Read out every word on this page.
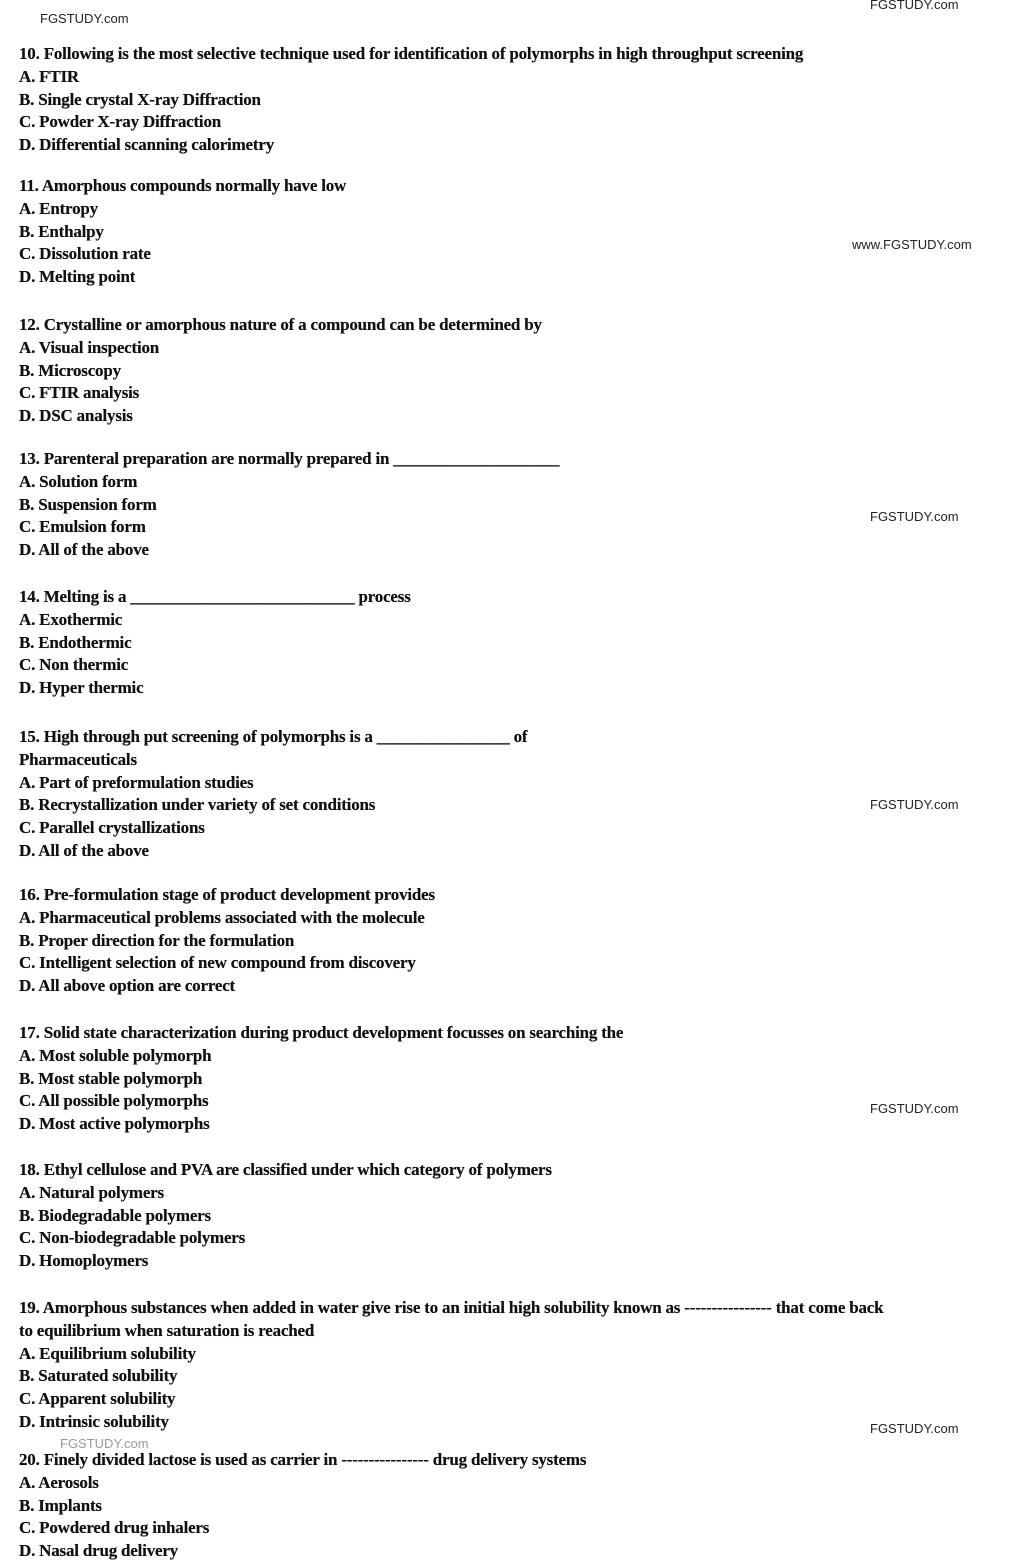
FGSTUDY.com
FGSTUDY.com
www.FGSTUDY.com
FGSTUDY.com
FGSTUDY.com
FGSTUDY.com
FGSTUDY.com
FGSTUDY.com
10. Following is the most selective technique used for identification of polymorphs in high throughput screening
A. FTIR
B. Single crystal X-ray Diffraction
C. Powder X-ray Diffraction
D. Differential scanning calorimetry
11. Amorphous compounds normally have low
A. Entropy
B. Enthalpy
C. Dissolution rate
D. Melting point
12. Crystalline or amorphous nature of a compound can be determined by
A. Visual inspection
B. Microscopy
C. FTIR analysis
D. DSC analysis
13. Parenteral preparation are normally prepared in ____________________
A. Solution form
B. Suspension form
C. Emulsion form
D. All of the above
14. Melting is a ___________________________ process
A. Exothermic
B. Endothermic
C. Non thermic
D. Hyper thermic
15. High through put screening of polymorphs is a ________________ of
Pharmaceuticals
A. Part of preformulation studies
B. Recrystallization under variety of set conditions
C. Parallel crystallizations
D. All of the above
16. Pre-formulation stage of product development provides
A. Pharmaceutical problems associated with the molecule
B. Proper direction for the formulation
C. Intelligent selection of new compound from discovery
D. All above option are correct
17. Solid state characterization during product development focusses on searching the
A. Most soluble polymorph
B. Most stable polymorph
C. All possible polymorphs
D. Most active polymorphs
18. Ethyl cellulose and PVA are classified under which category of polymers
A. Natural polymers
B. Biodegradable polymers
C. Non-biodegradable polymers
D. Homoploymers
19. Amorphous substances when added in water give rise to an initial high solubility known as ---------------- that come back
to equilibrium when saturation is reached
A. Equilibrium solubility
B. Saturated solubility
C. Apparent solubility
D. Intrinsic solubility
20. Finely divided lactose is used as carrier in ---------------- drug delivery systems
A. Aerosols
B. Implants
C. Powdered drug inhalers
D. Nasal drug delivery
